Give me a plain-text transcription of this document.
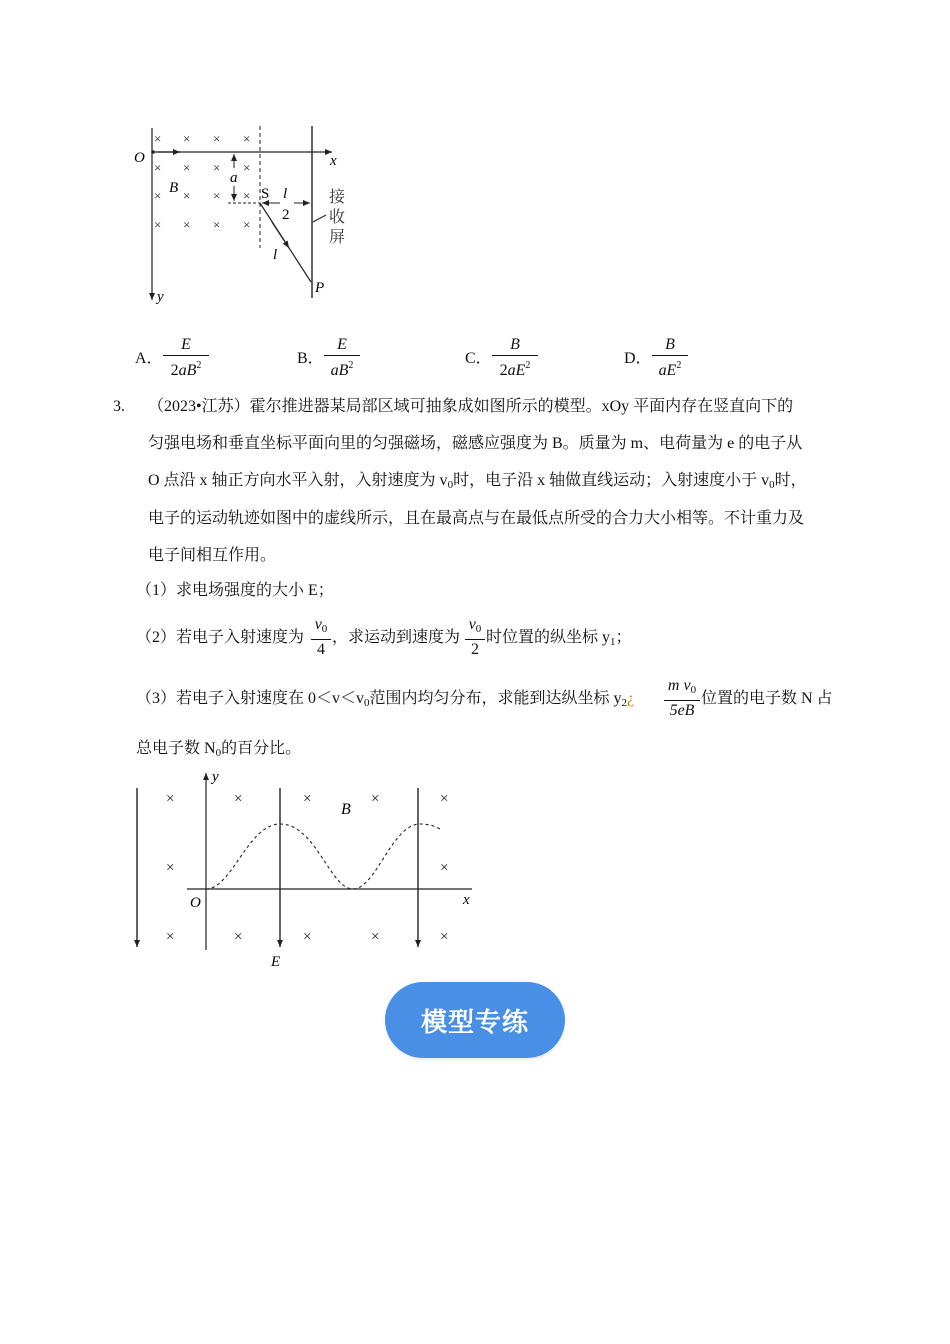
× × × ×
× × × ×
× × × ×
× × × ×
O	x
y
B
a
S l
2
l
P
接
收
屏
A．
E
$2aB^2$	B．
E
$aB^2$	C．
B
$2aE^2$	D．
B
$aE^2$
3. （2023•江苏）霍尔推进器某局部区域可抽象成如图所示的模型。xOy 平面内存在竖直向下的
匀强电场和垂直坐标平面向里的匀强磁场，磁感应强度为 B。质量为 m、电荷量为 e 的电子从
O 点沿 x 轴正方向水平入射，入射速度为 $v_0$时，电子沿 x 轴做直线运动；入射速度小于 $v_0$时，
电子的运动轨迹如图中的虚线所示，且在最高点与在最低点所受的合力大小相等。不计重力及
电子间相互作用。
（1）求电场强度的大小 E；
（2）若电子入射速度为
$v_0$
4
，求运动到速度为
$v_0$
2
时位置的纵坐标 $y_1$；
（3）若电子入射速度在 $0<v<v_0$范围内均匀分布，求能到达纵坐标 $y_2¿$
m $v_0$
5eB
位置的电子数 N 占
总电子数 $N_0$的百分比。
×	×	×	×	×
×	×
×	×	×	×	×
y
x
O
B
E
模型专练
